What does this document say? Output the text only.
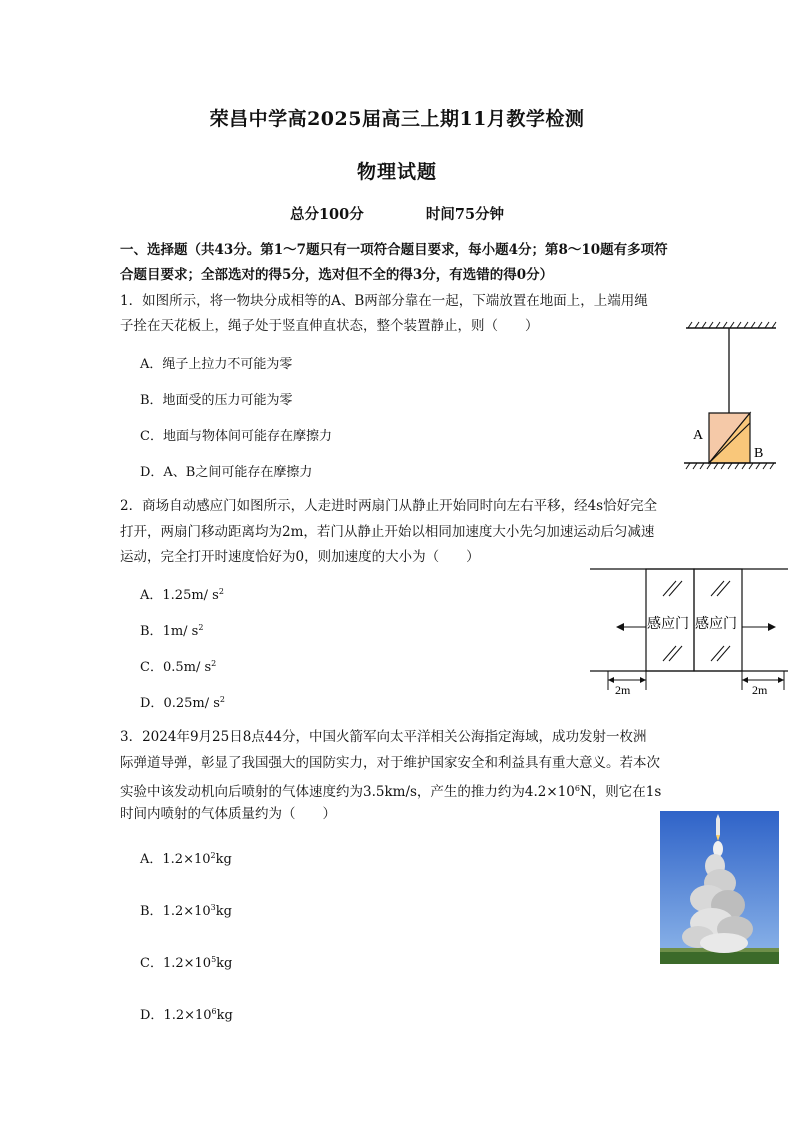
荣昌中学高2025届高三上期11月教学检测
物理试题
总分100分	时间75分钟
一、选择题（共43分。第1～7题只有一项符合题目要求，每小题4分；第8～10题有多项符合题目要求；全部选对的得5分，选对但不全的得3分，有选错的得0分）
1．如图所示，将一物块分成相等的A、B两部分靠在一起，下端放置在地面上，上端用绳
子拴在天花板上，绳子处于竖直伸直状态，整个装置静止，则（　　）
A．绳子上拉力不可能为零
B．地面受的压力可能为零
C．地面与物体间可能存在摩擦力
D．A、B之间可能存在摩擦力
A
B
2．商场自动感应门如图所示，人走进时两扇门从静止开始同时向左右平移，经4s恰好完全
打开，两扇门移动距离均为2m，若门从静止开始以相同加速度大小先匀加速运动后匀减速
运动，完全打开时速度恰好为0，则加速度的大小为（　　）
A．1.25m/ $s^2$
B．1m/ $s^2$
C．0.5m/ $s^2$
D．0.25m/ $s^2$
感应门 感应门
2m	2m
3．2024年9月25日8点44分，中国火箭军向太平洋相关公海指定海域，成功发射一枚洲
际弹道导弹，彰显了我国强大的国防实力，对于维护国家安全和利益具有重大意义。若本次
实验中该发动机向后喷射的气体速度约为3.5km/s，产生的推力约为$4.2\times 10^6N$，则它在1s
时间内喷射的气体质量约为（　　）
A．$1.2\times 10^2kg$
B．$1.2\times 10^3kg$
C．$1.2\times 10^5kg$
D．$1.2\times 10^6kg$
